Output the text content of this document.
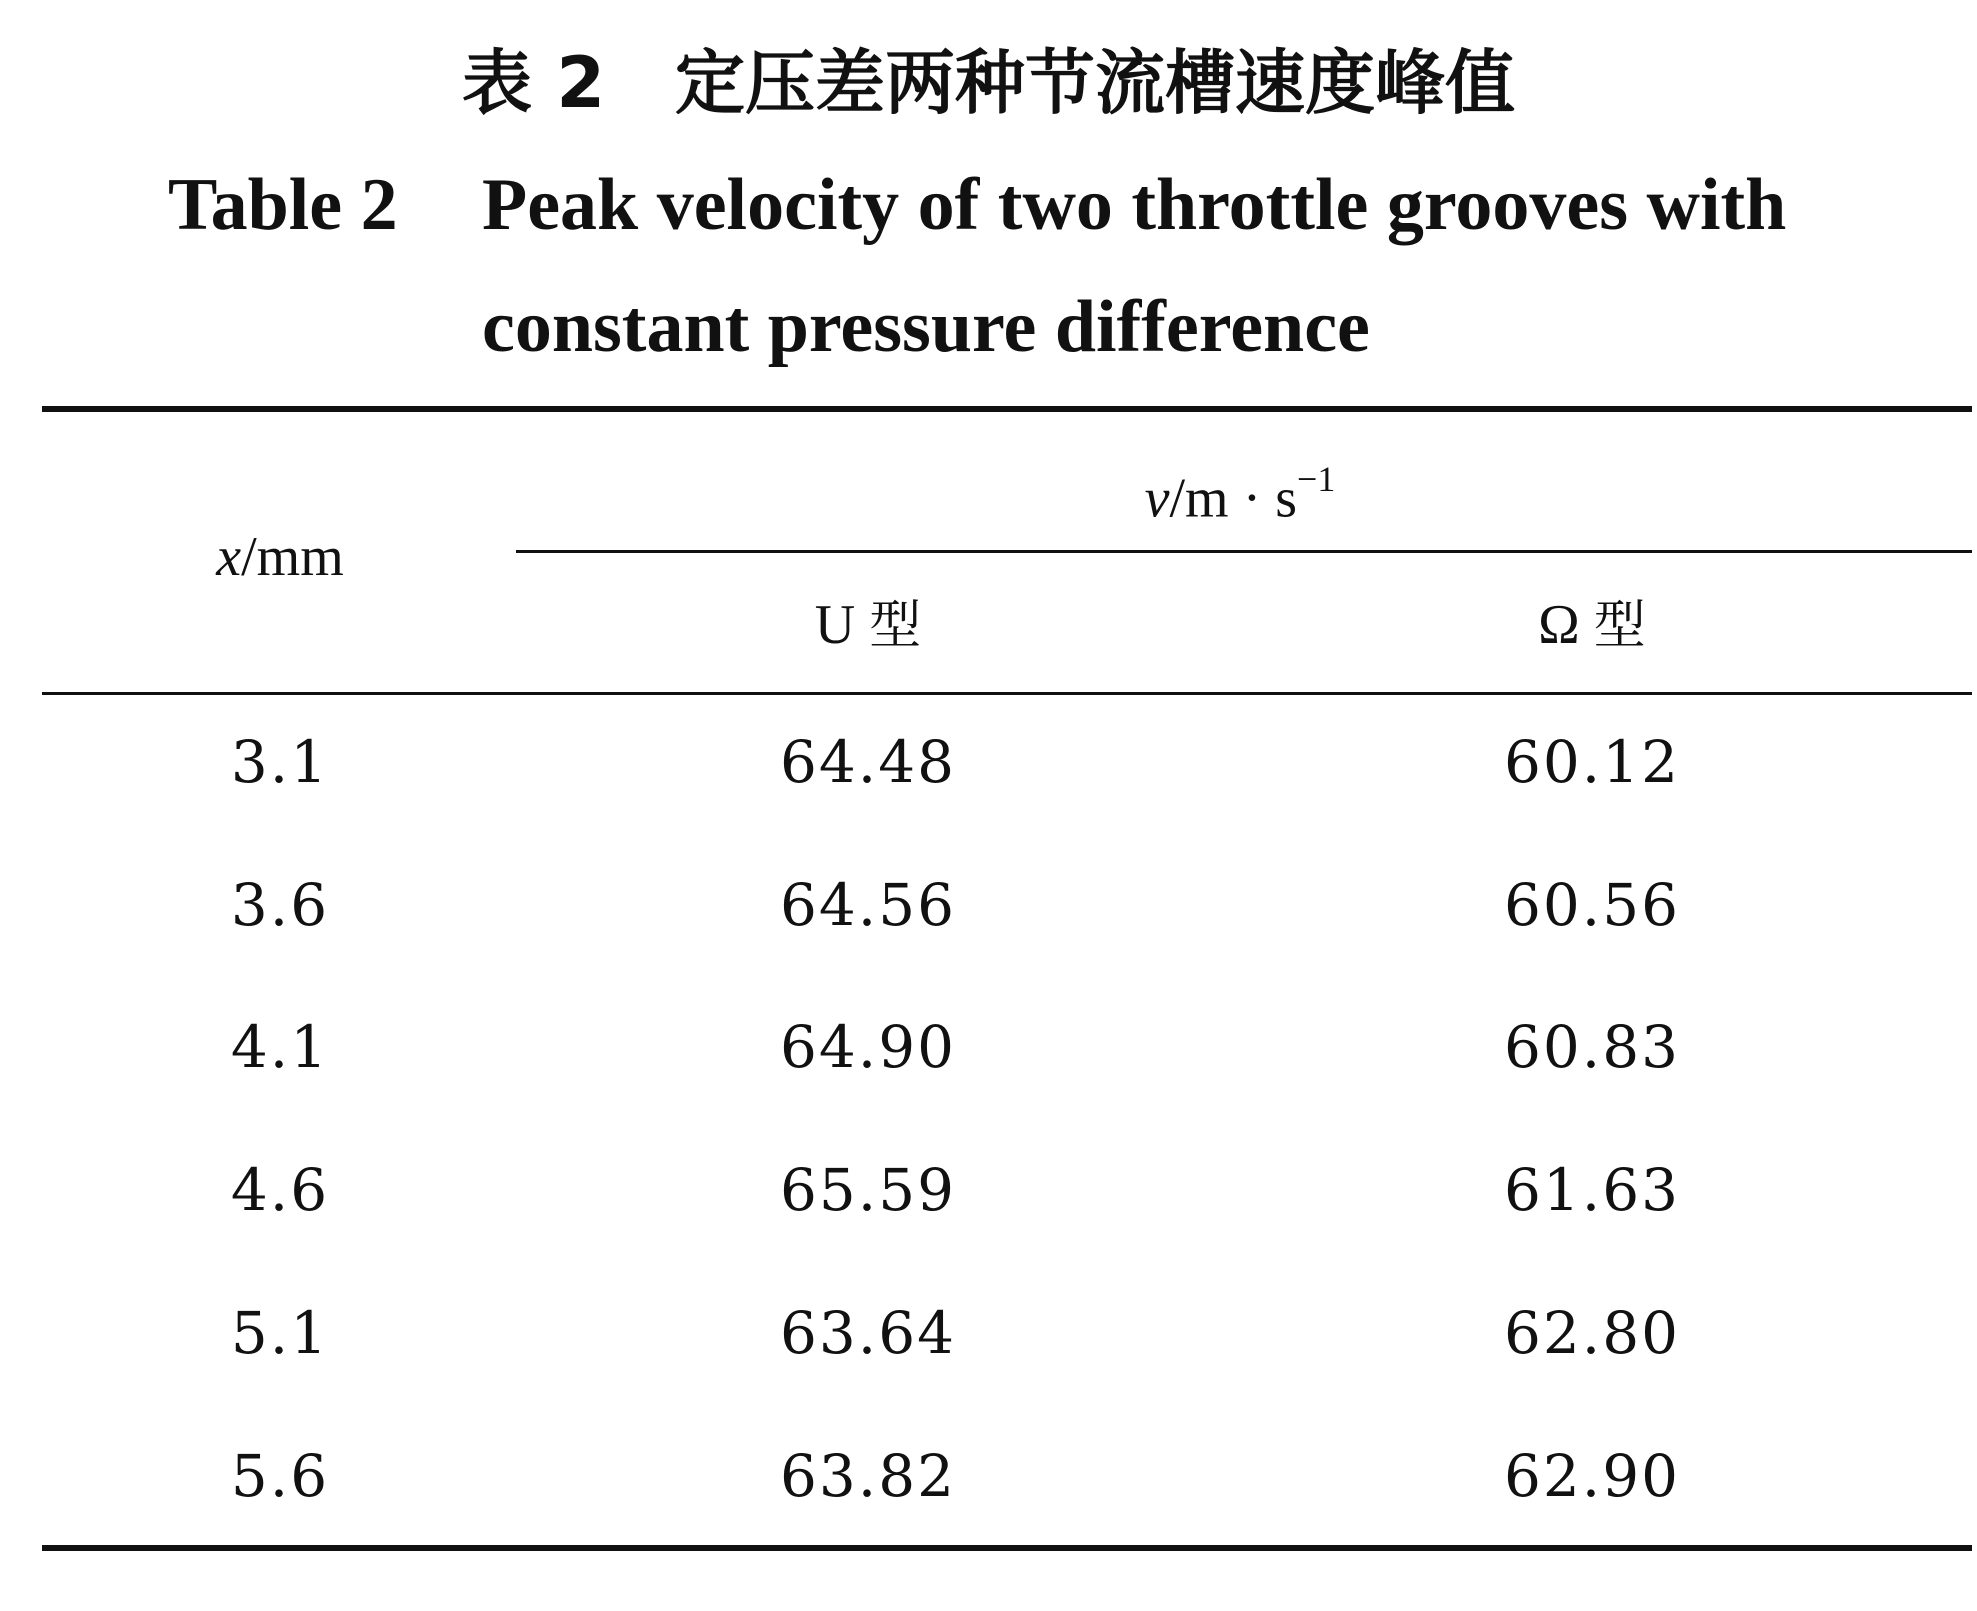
表 2　定压差两种节流槽速度峰值
Table 2 Peak velocity of two throttle grooves with
constant pressure difference
x/mm
$v/m \cdot s^{-1}$
U 型	Ω 型
3.1	64.48	60.12
3.6	64.56	60.56
4.1	64.90	60.83
4.6	65.59	61.63
5.1	63.64	62.80
5.6	63.82	62.90
